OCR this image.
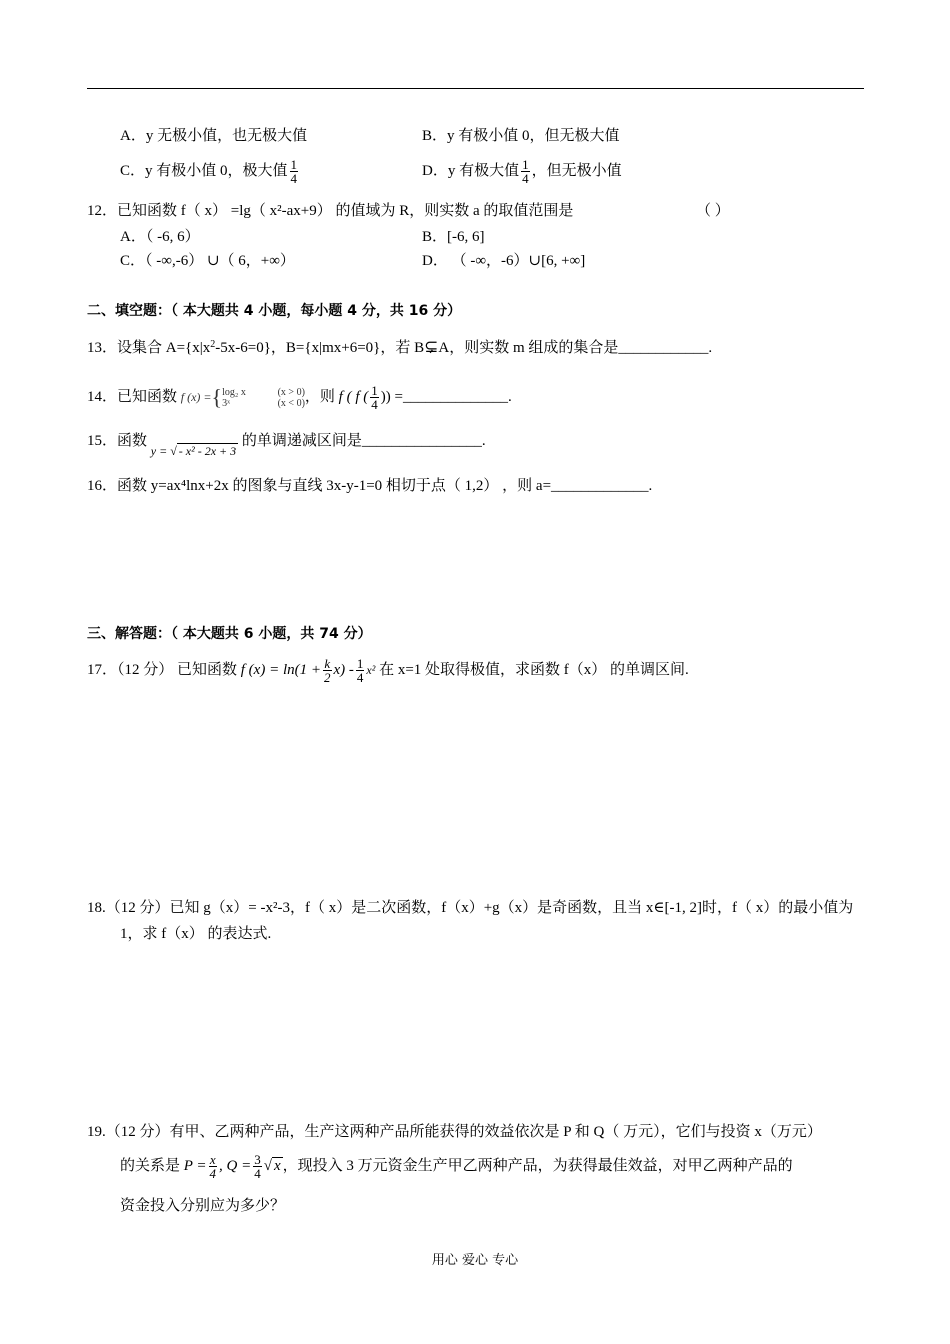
A．y 无极小值，也无极大值	B．y 有极小值 0，但无极大值
C．y 有极小值 0，极大值 $\frac{1}{4}$	D．y 有极大值 $\frac{1}{4}$ ，但无极小值
12．已知函数 f（ x） =lg（ x²-ax+9） 的值域为 R，则实数 a 的取值范围是	（ ）
A．（ -6, 6）	B．[-6, 6]
C．（ -∞,-6） ∪（ 6，+∞）	D． （ -∞，-6）∪[6, +∞]
二、填空题：（ 本大题共 4 小题，每小题 4 分，共 16 分）
13．设集合 $A=\{x|x^2-5x-6=0\}$，B={x|mx+6=0}，若 B⊊A，则实数 m 组成的集合是____________.
14．已知函数 f (x) ={ log₂ x
3ˣ

(x > 0)
(x < 0) ，则 f ( f ( $\frac{1}{4}$ )) =______________.
15．函数 $_{y = √ - x^2 - 2x + 3}$ 的单调递减区间是________________.
16．函数 y=ax⁴lnx+2x 的图象与直线 3x-y-1=0 相切于点（ 1,2） ，则 a=_____________.
三、解答题：（ 本大题共 6 小题，共 74 分）
17．（12 分） 已知函数 f $(x) = \ln(1 + \frac{k}{2} x) - \frac{1}{4} x^2$ 在 x=1 处取得极值，求函数 f（x） 的单调区间.
18.（12 分）已知 g（x）= -x²-3，f（ x）是二次函数，f（x）+g（x）是奇函数，且当 x∈[-1, 2]时，f（ x）的最小值为
1，求 f（x） 的表达式.
19.（12 分）有甲、乙两种产品，生产这两种产品所能获得的效益依次是 P 和 Q（ 万元），它们与投资 x（万元）
的关系是 $P = \frac{x}{4}$ , $Q = \frac{3}{4}$ √ x ，现投入 3 万元资金生产甲乙两种产品，为获得最佳效益，对甲乙两种产品的
资金投入分别应为多少？
用心 爱心 专心
